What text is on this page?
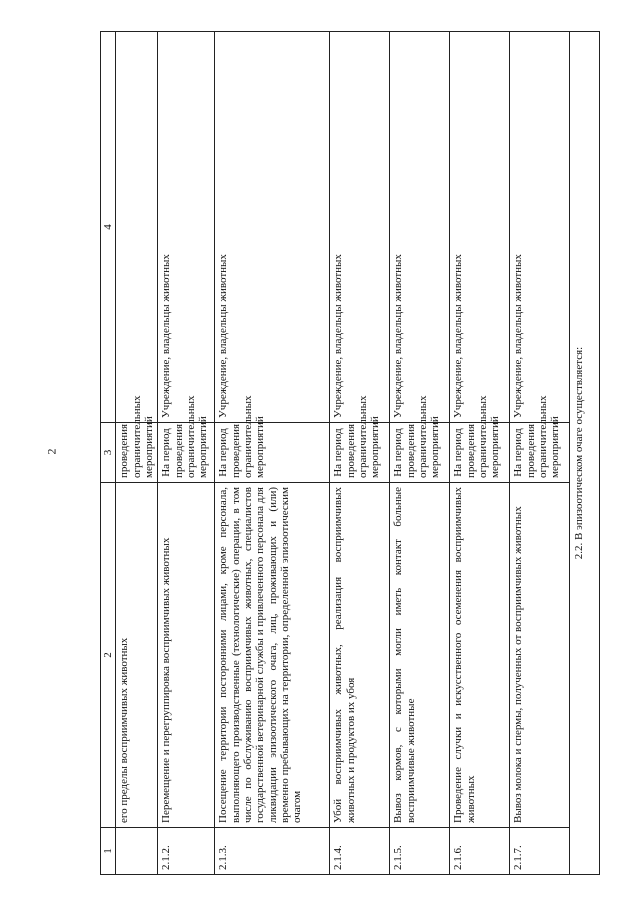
2
1	2	3	4
	его пределы восприимчивых животных	проведения ограничительных мероприятий	
2.1.2.	Перемещение и перегруппировка восприимчивых животных	На период проведения ограничительных мероприятий	Учреждение, владельцы животных
2.1.3.	Посещение территории посторонними лицами, кроме персонала, выполняющего производственные (технологические) операции, в том числе по обслуживанию восприимчивых животных, специалистов государственной ветеринарной службы и привлеченного персонала для ликвидации эпизоотического очага, лиц, проживающих и (или) временно пребывающих на территории, определенной эпизоотическим очагом	На период проведения ограничительных мероприятий	Учреждение, владельцы животных
2.1.4.	Убой восприимчивых животных, реализация восприимчивых животных и продуктов их убоя	На период проведения ограничительных мероприятий	Учреждение, владельцы животных
2.1.5.	Вывоз кормов, с которыми могли иметь контакт больные восприимчивые животные	На период проведения ограничительных мероприятий	Учреждение, владельцы животных
2.1.6.	Проведение случки и искусственного осеменения восприимчивых животных	На период проведения ограничительных мероприятий	Учреждение, владельцы животных
2.1.7.	Вывоз молока и спермы, полученных от восприимчивых животных	На период проведения ограничительных мероприятий	Учреждение, владельцы животных
2.2. В эпизоотическом очаге осуществляется:			
